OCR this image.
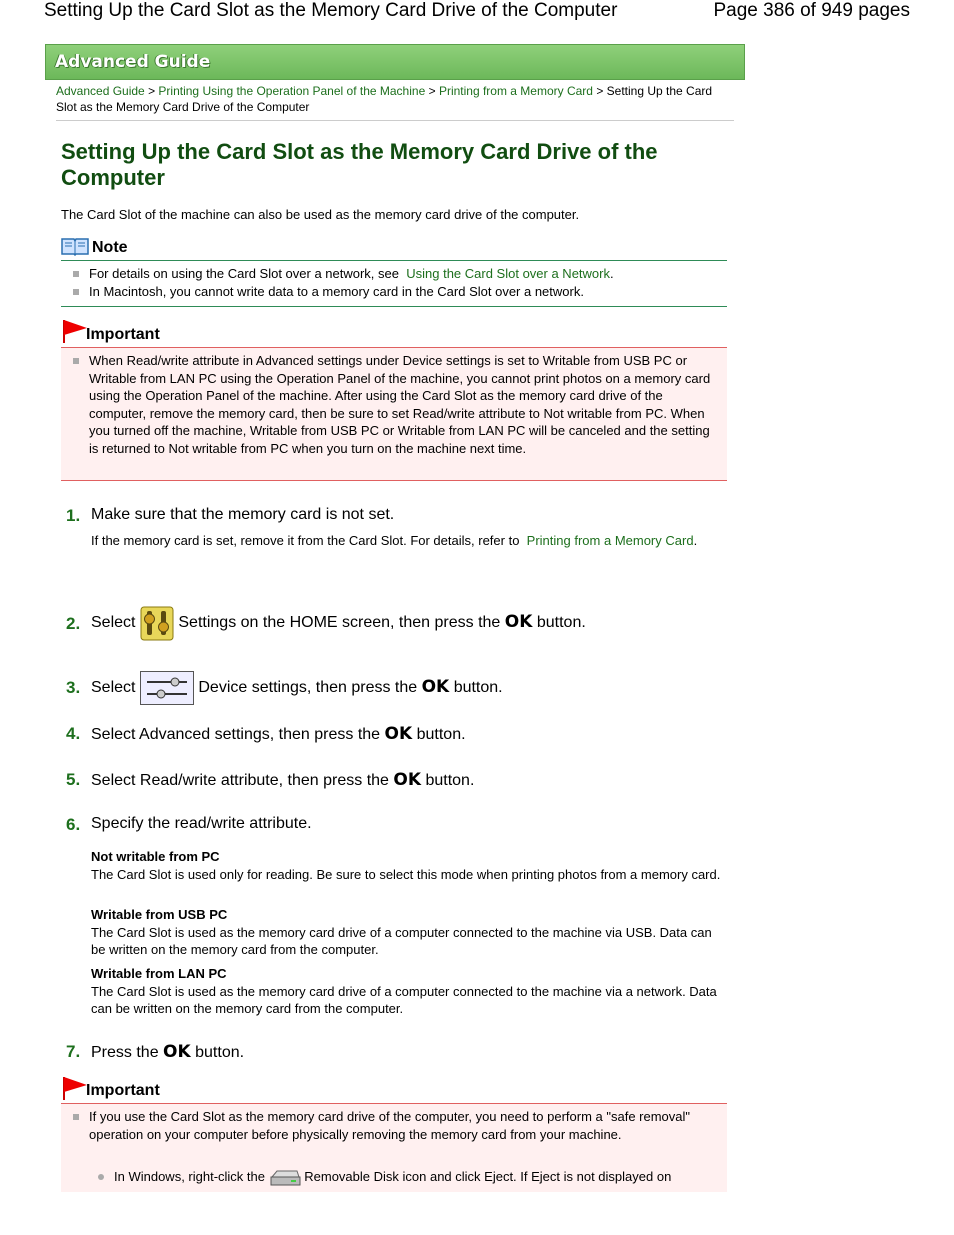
Setting Up the Card Slot as the Memory Card Drive of the Computer	Page 386 of 949 pages
Advanced Guide
Advanced Guide > Printing Using the Operation Panel of the Machine > Printing from a Memory Card > Setting Up the Card Slot as the Memory Card Drive of the Computer
Setting Up the Card Slot as the Memory Card Drive of the Computer
The Card Slot of the machine can also be used as the memory card drive of the computer.
Note
For details on using the Card Slot over a network, see Using the Card Slot over a Network.
In Macintosh, you cannot write data to a memory card in the Card Slot over a network.
Important
When Read/write attribute in Advanced settings under Device settings is set to Writable from USB PC or Writable from LAN PC using the Operation Panel of the machine, you cannot print photos on a memory card using the Operation Panel of the machine. After using the Card Slot as the memory card drive of the computer, remove the memory card, then be sure to set Read/write attribute to Not writable from PC. When you turned off the machine, Writable from USB PC or Writable from LAN PC will be canceled and the setting is returned to Not writable from PC when you turn on the machine next time.
1. Make sure that the memory card is not set.
If the memory card is set, remove it from the Card Slot. For details, refer to Printing from a Memory Card.
2. Select	Settings on the HOME screen, then press the OK button.
3. Select	Device settings, then press the OK button.
4. Select Advanced settings, then press the OK button.
5. Select Read/write attribute, then press the OK button.
6. Specify the read/write attribute.
Not writable from PC
The Card Slot is used only for reading. Be sure to select this mode when printing photos from a memory card.
Writable from USB PC
The Card Slot is used as the memory card drive of a computer connected to the machine via USB. Data can be written on the memory card from the computer.
Writable from LAN PC
The Card Slot is used as the memory card drive of a computer connected to the machine via a network. Data can be written on the memory card from the computer.
7. Press the OK button.
Important
If you use the Card Slot as the memory card drive of the computer, you need to perform a "safe removal" operation on your computer before physically removing the memory card from your machine.
In Windows, right-click the	Removable Disk icon and click Eject. If Eject is not displayed on
